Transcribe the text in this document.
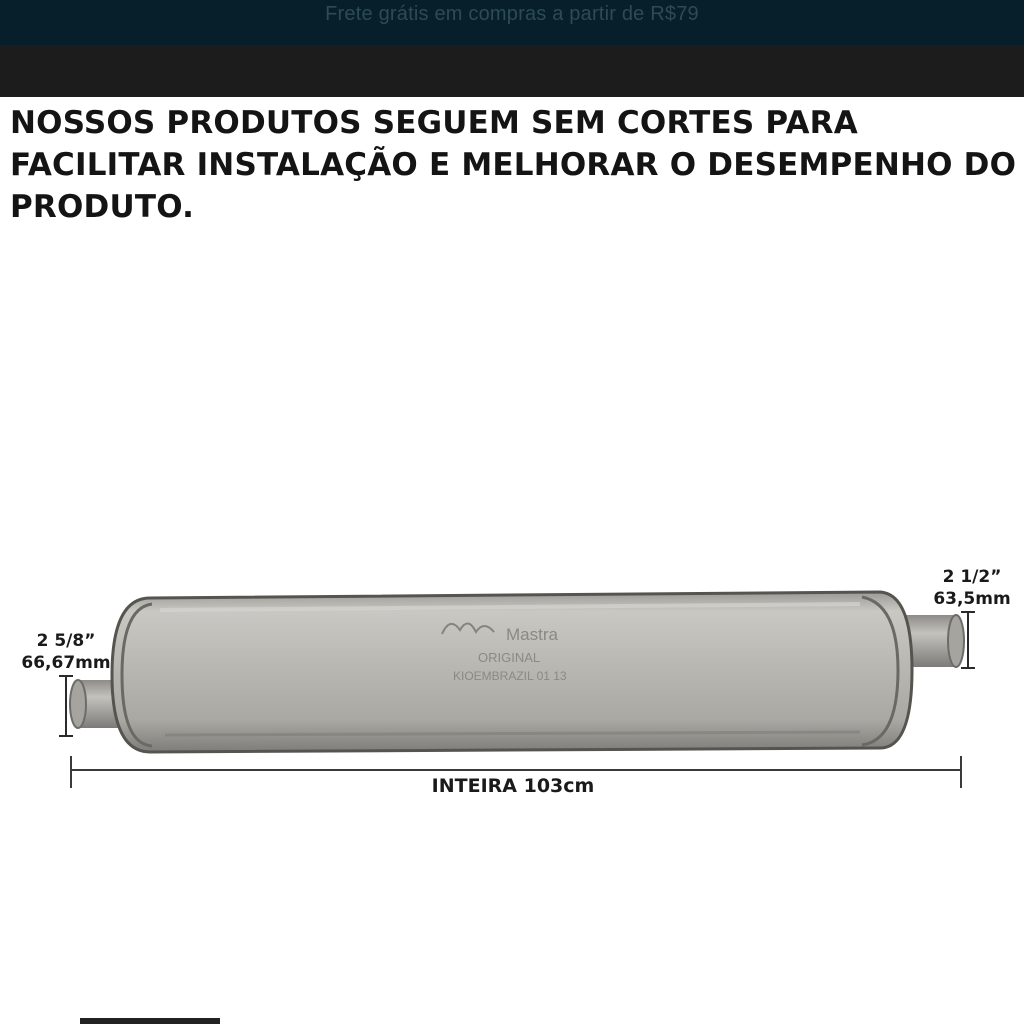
Frete grátis em compras a partir de R$79
NOSSOS PRODUTOS SEGUEM SEM CORTES PARA FACILITAR INSTALAÇÃO E MELHORAR O DESEMPENHO DO PRODUTO.
Mastra
ORIGINAL
KIOEMBRAZIL 01 13
2 5/8”
66,67mm
2 1/2”
63,5mm
INTEIRA 103cm
